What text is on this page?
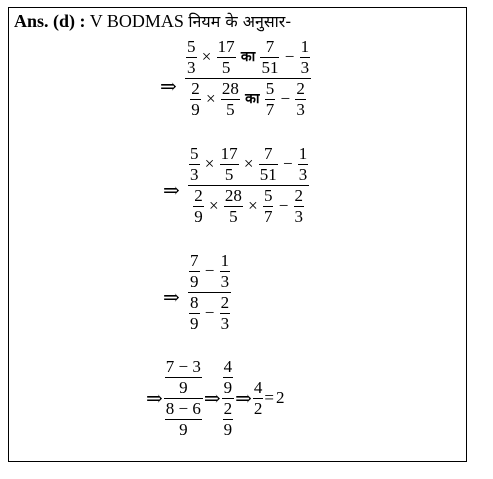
Ans. (d) : V BODMAS नियम के अनुसार-
⇒
$\frac{5}{3} \times \frac{17}{5}$ का $\frac{7}{51} - \frac{1}{3}$
$\frac{2}{9} \times \frac{28}{5}$ का $\frac{5}{7} - \frac{2}{3}$
⇒ $\frac{\frac{5}{3} \times \frac{17}{5} \times \frac{7}{51} - \frac{1}{3}}{\frac{2}{9} \times \frac{28}{5} \times \frac{5}{7} - \frac{2}{3}}$
⇒ $\frac{\frac{7}{9} - \frac{1}{3}}{\frac{8}{9} - \frac{2}{3}}$
⇒
$\frac{7 - 3}{9}$
$\frac{8 - 6}{9}$
⇒
$\frac{4}{9}$
$\frac{2}{9}$
⇒ 4
2
= 2
